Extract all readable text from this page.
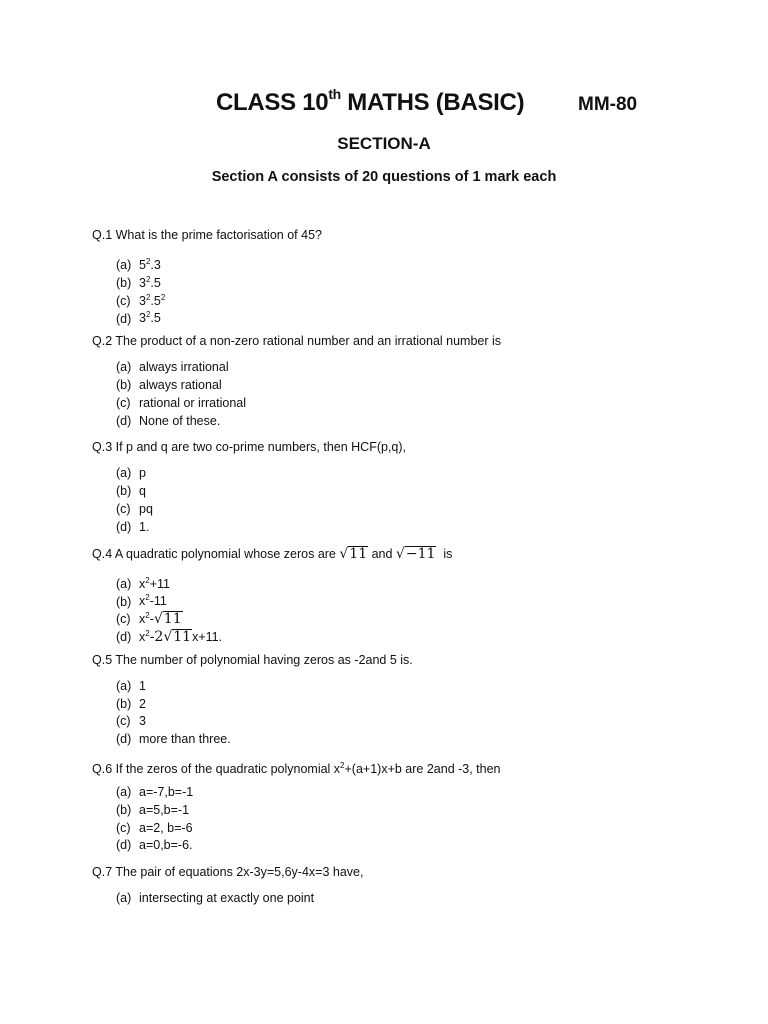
CLASS 10th MATHS (BASIC)	MM-80
SECTION-A
Section A consists of 20 questions of 1 mark each
Q.1 What is the prime factorisation of 45?
(a) $5^2.3$
(b) $3^2.5$
(c) $3^2.5^2$
(d) $3^2.5$
Q.2 The product of a non-zero rational number and an irrational number is
(a) always irrational
(b) always rational
(c) rational or irrational
(d) None of these.
Q.3 If p and q are two co-prime numbers, then HCF(p,q),
(a) p
(b) q
(c) pq
(d) 1.
Q.4 A quadratic polynomial whose zeros are √11 and √−11  is
(a) $x^2+11$
(b) $x^2-11$
(c) $x^2-√11$
(d) $x^2-2√11x+11$.
Q.5 The number of polynomial having zeros as -2and 5 is.
(a) 1
(b) 2
(c) 3
(d) more than three.
Q.6 If the zeros of the quadratic polynomial $x^2+(a+1)x+b$ are 2and -3, then
(a) a=-7,b=-1
(b) a=5,b=-1
(c) a=2, b=-6
(d) a=0,b=-6.
Q.7 The pair of equations 2x-3y=5,6y-4x=3 have,
(a) intersecting at exactly one point
